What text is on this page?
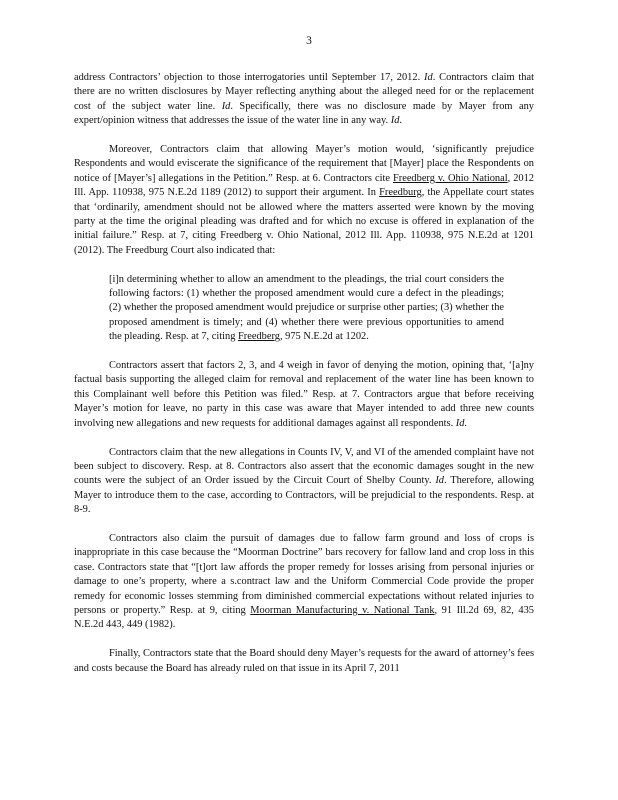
3

address Contractors’ objection to those interrogatories until September 17, 2012. Id. Contractors claim that there are no written disclosures by Mayer reflecting anything about the alleged need for or the replacement cost of the subject water line. Id. Specifically, there was no disclosure made by Mayer from any expert/opinion witness that addresses the issue of the water line in any way. Id.

Moreover, Contractors claim that allowing Mayer’s motion would, ‘significantly prejudice Respondents and would eviscerate the significance of the requirement that [Mayer] place the Respondents on notice of [Mayer’s] allegations in the Petition.” Resp. at 6. Contractors cite Freedberg v. Ohio National, 2012 Ill. App. 110938, 975 N.E.2d 1189 (2012) to support their argument. In Freedburg, the Appellate court states that ‘ordinarily, amendment should not be allowed where the matters asserted were known by the moving party at the time the original pleading was drafted and for which no excuse is offered in explanation of the initial failure.” Resp. at 7, citing Freedberg v. Ohio National, 2012 Ill. App. 110938, 975 N.E.2d at 1201 (2012). The Freedburg Court also indicated that:

[i]n determining whether to allow an amendment to the pleadings, the trial court considers the following factors: (1) whether the proposed amendment would cure a defect in the pleadings; (2) whether the proposed amendment would prejudice or surprise other parties; (3) whether the proposed amendment is timely; and (4) whether there were previous opportunities to amend the pleading. Resp. at 7, citing Freedberg, 975 N.E.2d at 1202.

Contractors assert that factors 2, 3, and 4 weigh in favor of denying the motion, opining that, ‘[a]ny factual basis supporting the alleged claim for removal and replacement of the water line has been known to this Complainant well before this Petition was filed.” Resp. at 7. Contractors argue that before receiving Mayer’s motion for leave, no party in this case was aware that Mayer intended to add three new counts involving new allegations and new requests for additional damages against all respondents. Id.

Contractors claim that the new allegations in Counts IV, V, and VI of the amended complaint have not been subject to discovery. Resp. at 8. Contractors also assert that the economic damages sought in the new counts were the subject of an Order issued by the Circuit Court of Shelby County. Id. Therefore, allowing Mayer to introduce them to the case, according to Contractors, will be prejudicial to the respondents. Resp. at 8-9.

Contractors also claim the pursuit of damages due to fallow farm ground and loss of crops is inappropriate in this case because the “Moorman Doctrine” bars recovery for fallow land and crop loss in this case. Contractors state that “[t]ort law affords the proper remedy for losses arising from personal injuries or damage to one’s property, where a s.contract law and the Uniform Commercial Code provide the proper remedy for economic losses stemming from diminished commercial expectations without related injuries to persons or property.” Resp. at 9, citing Moorman Manufacturing v. National Tank, 91 Ill.2d 69, 82, 435 N.E.2d 443, 449 (1982).

Finally, Contractors state that the Board should deny Mayer’s requests for the award of attorney’s fees and costs because the Board has already ruled on that issue in its April 7, 2011
